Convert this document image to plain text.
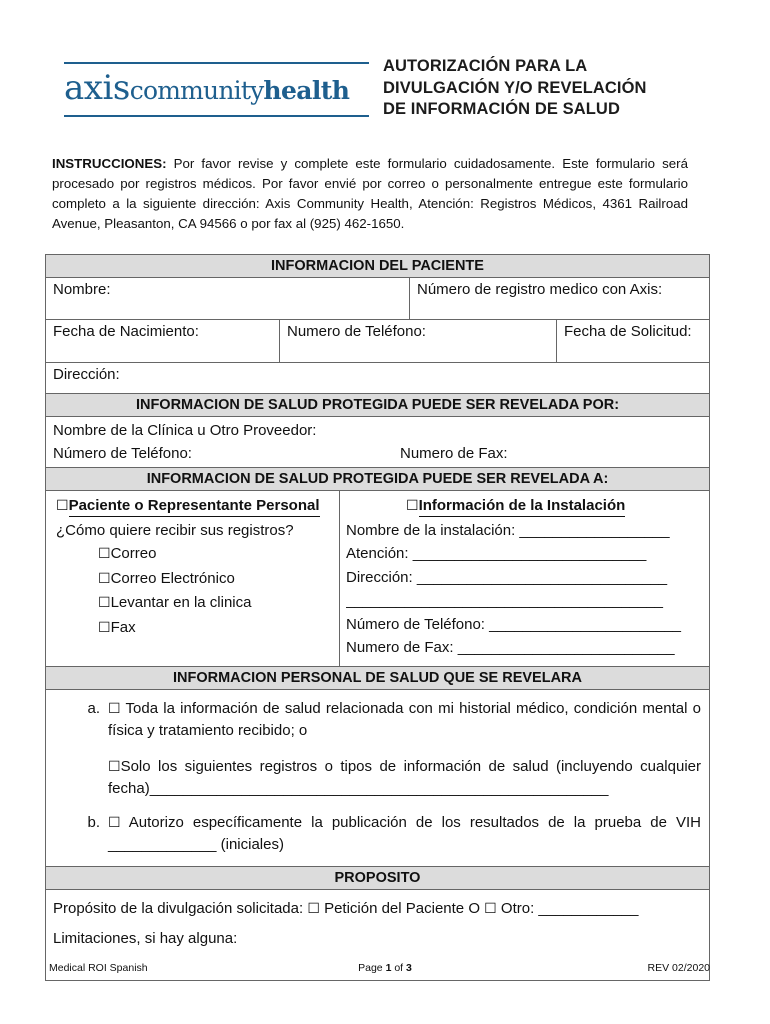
axiscommunityhealth
AUTORIZACIÓN PARA LA
DIVULGACIÓN Y/O REVELACIÓN
DE INFORMACIÓN DE SALUD
INSTRUCCIONES: Por favor revise y complete este formulario cuidadosamente. Este formulario será procesado por registros médicos. Por favor envié por correo o personalmente entregue este formulario completo a la siguiente dirección: Axis Community Health, Atención: Registros Médicos, 4361 Railroad Avenue, Pleasanton, CA 94566 o por fax al (925) 462-1650.
INFORMACION DEL PACIENTE
Nombre:	Número de registro medico con Axis:
Fecha de Nacimiento:	Numero de Teléfono:	Fecha de Solicitud:
Dirección:
INFORMACION DE SALUD PROTEGIDA PUEDE SER REVELADA POR:
Nombre de la Clínica u Otro Proveedor:
Número de Teléfono:	Numero de Fax:
INFORMACION DE SALUD PROTEGIDA PUEDE SER REVELADA A:
☐Paciente o Representante Personal
¿Cómo quiere recibir sus registros?
☐Correo
☐Correo Electrónico
☐Levantar en la clinica
☐Fax
☐Información de la Instalación
Nombre de la instalación: __________________
Atención: ____________________________
Dirección: ______________________________
______________________________________
Número de Teléfono: _______________________
Numero de Fax: __________________________
INFORMACION PERSONAL DE SALUD QUE SE REVELARA
a. ☐ Toda la información de salud relacionada con mi historial médico, condición mental o física y tratamiento recibido; o
☐Solo los siguientes registros o tipos de información de salud (incluyendo cualquier fecha)_______________________________________________________
b. ☐ Autorizo específicamente la publicación de los resultados de la prueba de VIH _____________ (iniciales)
PROPOSITO
Propósito de la divulgación solicitada: ☐ Petición del Paciente O ☐ Otro: ____________
Limitaciones, si hay alguna:
Medical ROI Spanish	Page 1 of 3	REV 02/2020
